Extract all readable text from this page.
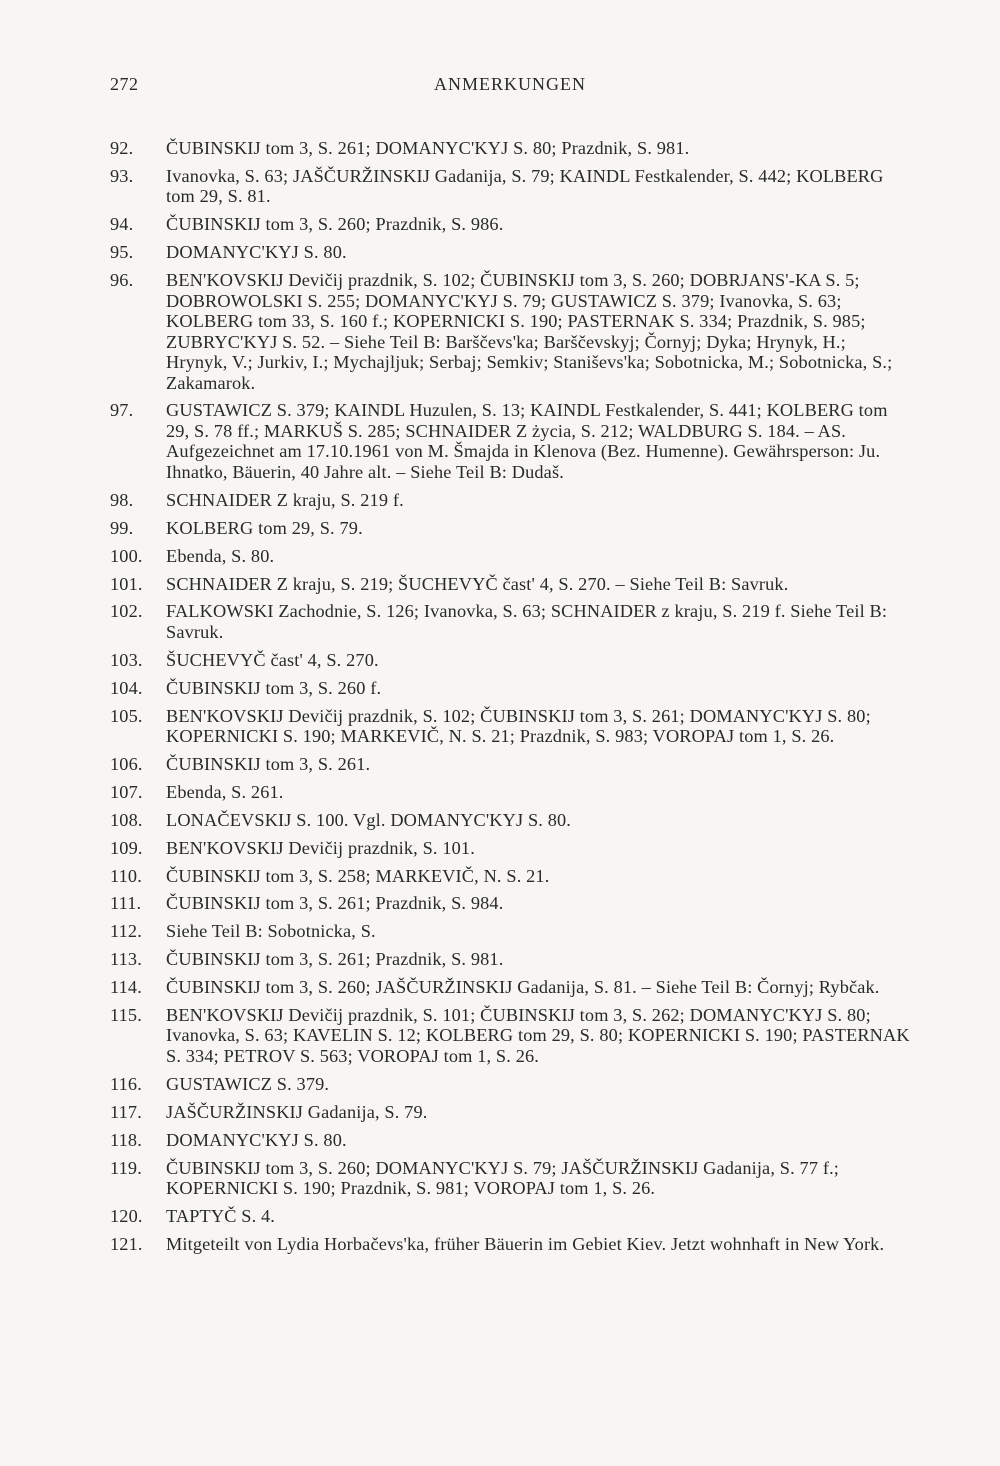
272	ANMERKUNGEN
92.	ČUBINSKIJ tom 3, S. 261; DOMANYC'KYJ S. 80; Prazdnik, S. 981.
93.	Ivanovka, S. 63; JAŠČURŽINSKIJ Gadanija, S. 79; KAINDL Festkalender, S. 442; KOLBERG tom 29, S. 81.
94.	ČUBINSKIJ tom 3, S. 260; Prazdnik, S. 986.
95.	DOMANYC'KYJ S. 80.
96.	BEN'KOVSKIJ Devičij prazdnik, S. 102; ČUBINSKIJ tom 3, S. 260; DOBRJANS'-KA S. 5; DOBROWOLSKI S. 255; DOMANYC'KYJ S. 79; GUSTAWICZ S. 379; Ivanovka, S. 63; KOLBERG tom 33, S. 160 f.; KOPERNICKI S. 190; PASTERNAK S. 334; Prazdnik, S. 985; ZUBRYC'KYJ S. 52. – Siehe Teil B: Barščevs'ka; Barščevskyj; Čornyj; Dyka; Hrynyk, H.; Hrynyk, V.; Jurkiv, I.; Mychajljuk; Serbaj; Semkiv; Staniševs'ka; Sobotnicka, M.; Sobotnicka, S.; Zakamarok.
97.	GUSTAWICZ S. 379; KAINDL Huzulen, S. 13; KAINDL Festkalender, S. 441; KOLBERG tom 29, S. 78 ff.; MARKUŠ S. 285; SCHNAIDER Z życia, S. 212; WALDBURG S. 184. – AS. Aufgezeichnet am 17.10.1961 von M. Šmajda in Klenova (Bez. Humenne). Gewährsperson: Ju. Ihnatko, Bäuerin, 40 Jahre alt. – Siehe Teil B: Dudaš.
98.	SCHNAIDER Z kraju, S. 219 f.
99.	KOLBERG tom 29, S. 79.
100.	Ebenda, S. 80.
101.	SCHNAIDER Z kraju, S. 219; ŠUCHEVYČ čast' 4, S. 270. – Siehe Teil B: Savruk.
102.	FALKOWSKI Zachodnie, S. 126; Ivanovka, S. 63; SCHNAIDER z kraju, S. 219 f. Siehe Teil B: Savruk.
103.	ŠUCHEVYČ čast' 4, S. 270.
104.	ČUBINSKIJ tom 3, S. 260 f.
105.	BEN'KOVSKIJ Devičij prazdnik, S. 102; ČUBINSKIJ tom 3, S. 261; DOMANYC'KYJ S. 80; KOPERNICKI S. 190; MARKEVIČ, N. S. 21; Prazdnik, S. 983; VOROPAJ tom 1, S. 26.
106.	ČUBINSKIJ tom 3, S. 261.
107.	Ebenda, S. 261.
108.	LONAČEVSKIJ S. 100. Vgl. DOMANYC'KYJ S. 80.
109.	BEN'KOVSKIJ Devičij prazdnik, S. 101.
110.	ČUBINSKIJ tom 3, S. 258; MARKEVIČ, N. S. 21.
111.	ČUBINSKIJ tom 3, S. 261; Prazdnik, S. 984.
112.	Siehe Teil B: Sobotnicka, S.
113.	ČUBINSKIJ tom 3, S. 261; Prazdnik, S. 981.
114.	ČUBINSKIJ tom 3, S. 260; JAŠČURŽINSKIJ Gadanija, S. 81. – Siehe Teil B: Čornyj; Rybčak.
115.	BEN'KOVSKIJ Devičij prazdnik, S. 101; ČUBINSKIJ tom 3, S. 262; DOMANYC'KYJ S. 80; Ivanovka, S. 63; KAVELIN S. 12; KOLBERG tom 29, S. 80; KOPERNICKI S. 190; PASTERNAK S. 334; PETROV S. 563; VOROPAJ tom 1, S. 26.
116.	GUSTAWICZ S. 379.
117.	JAŠČURŽINSKIJ Gadanija, S. 79.
118.	DOMANYC'KYJ S. 80.
119.	ČUBINSKIJ tom 3, S. 260; DOMANYC'KYJ S. 79; JAŠČURŽINSKIJ Gadanija, S. 77 f.; KOPERNICKI S. 190; Prazdnik, S. 981; VOROPAJ tom 1, S. 26.
120.	TAPTYČ S. 4.
121.	Mitgeteilt von Lydia Horbačevs'ka, früher Bäuerin im Gebiet Kiev. Jetzt wohnhaft in New York.
